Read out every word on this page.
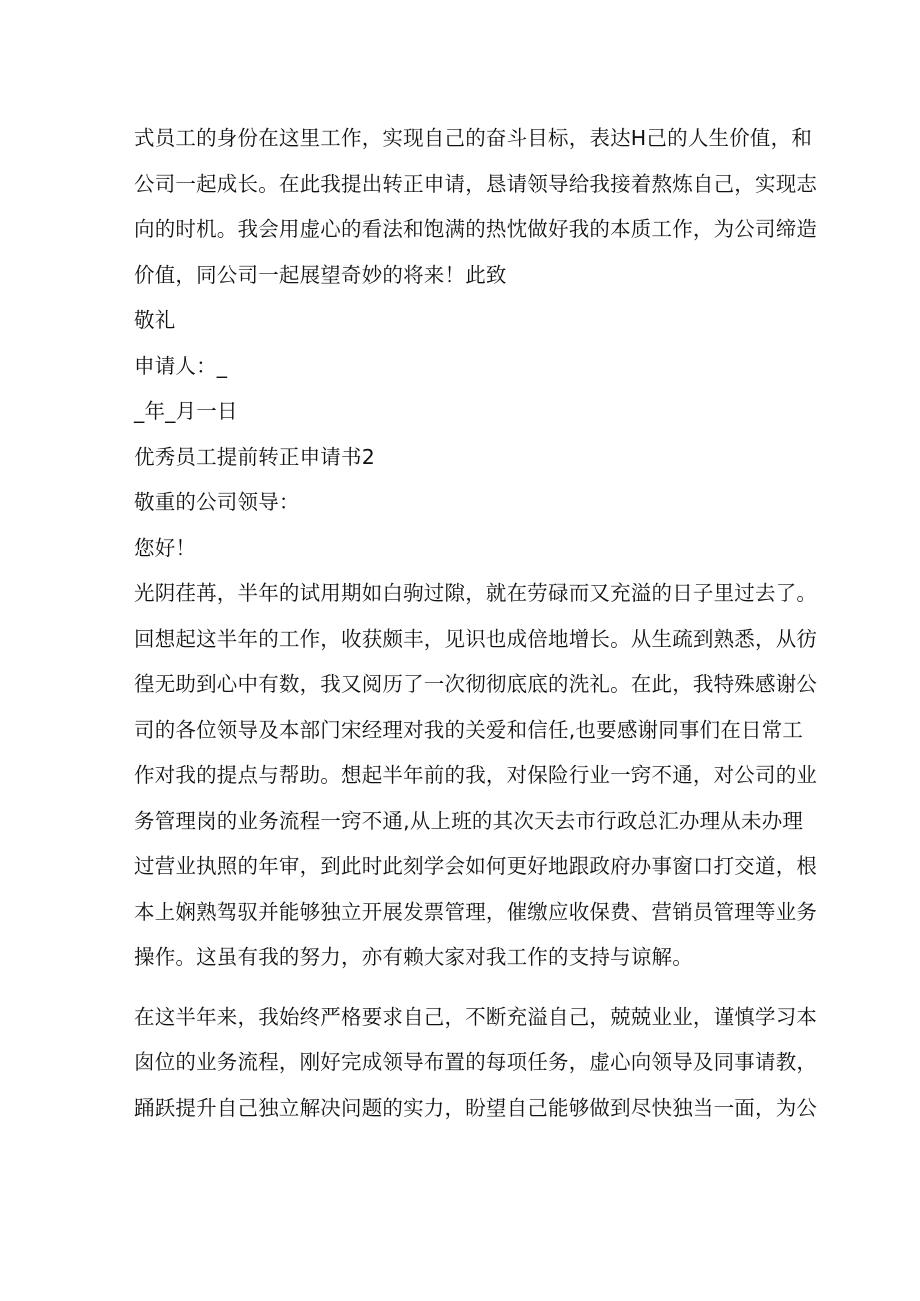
式员工的身份在这里工作，实现自己的奋斗目标，表达H己的人生价值，和
公司一起成长。在此我提出转正申请，恳请领导给我接着熬炼自己，实现志
向的时机。我会用虚心的看法和饱满的热忱做好我的本质工作，为公司缔造
价值，同公司一起展望奇妙的将来！此致

敬礼

申请人：_

_年_月一日

优秀员工提前转正申请书2

敬重的公司领导：

您好！

光阴荏苒，半年的试用期如白驹过隙，就在劳碌而又充溢的日子里过去了。
回想起这半年的工作，收获颇丰，见识也成倍地增长。从生疏到熟悉，从彷
徨无助到心中有数，我又阅历了一次彻彻底底的洗礼。在此，我特殊感谢公
司的各位领导及本部门宋经理对我的关爱和信任,也要感谢同事们在日常工
作对我的提点与帮助。想起半年前的我，对保险行业一窍不通，对公司的业
务管理岗的业务流程一窍不通,从上班的其次天去市行政总汇办理从未办理
过营业执照的年审，到此时此刻学会如何更好地跟政府办事窗口打交道，根
本上娴熟驾驭并能够独立开展发票管理，催缴应收保费、营销员管理等业务
操作。这虽有我的努力，亦有赖大家对我工作的支持与谅解。

在这半年来，我始终严格要求自己，不断充溢自己，兢兢业业，谨慎学习本
囱位的业务流程，刚好完成领导布置的每项任务，虚心向领导及同事请教，
踊跃提升自己独立解决问题的实力，盼望自己能够做到尽快独当一面，为公
